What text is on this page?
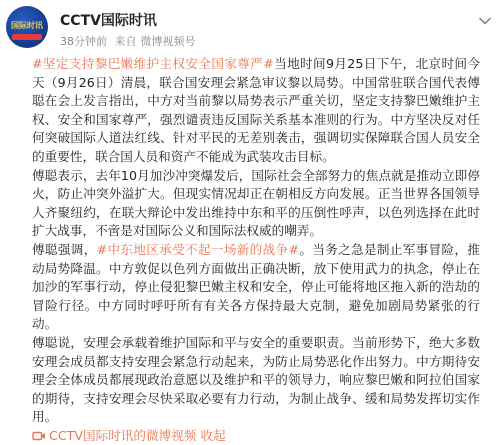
国际时讯 CCTV国际时讯
38分钟前 来自 微博视频号

#坚定支持黎巴嫩维护主权安全国家尊严#当地时间9月25日下午，北京时间今天（9月26日）清晨，联合国安理会紧急审议黎以局势。中国常驻联合国代表傅聪在会上发言指出，中方对当前黎以局势表示严重关切，坚定支持黎巴嫩维护主权、安全和国家尊严，强烈谴责违反国际关系基本准则的行为。中方坚决反对任何突破国际人道法红线、针对平民的无差别袭击，强调切实保障联合国人员安全的重要性，联合国人员和资产不能成为武装攻击目标。

傅聪表示，去年10月加沙冲突爆发后，国际社会全部努力的焦点就是推动立即停火，防止冲突外溢扩大。但现实情况却正在朝相反方向发展。正当世界各国领导人齐聚纽约，在联大辩论中发出维持中东和平的压倒性呼声，以色列选择在此时扩大战事，不啻是对国际公义和国际法权威的嘲弄。

傅聪强调，#中东地区承受不起一场新的战争#。当务之急是制止军事冒险，推动局势降温。中方敦促以色列方面做出正确决断，放下使用武力的执念，停止在加沙的军事行动，停止侵犯黎巴嫩主权和安全，停止可能将地区拖入新的浩劫的冒险行径。中方同时呼吁所有有关各方保持最大克制，避免加剧局势紧张的行动。

傅聪说，安理会承载着维护国际和平与安全的重要职责。当前形势下，绝大多数安理会成员都支持安理会紧急行动起来，为防止局势恶化作出努力。中方期待安理会全体成员都展现政治意愿以及维护和平的领导力，响应黎巴嫩和阿拉伯国家的期待，支持安理会尽快采取必要有力行动，为制止战争、缓和局势发挥切实作用。

CCTV国际时讯的微博视频 收起
